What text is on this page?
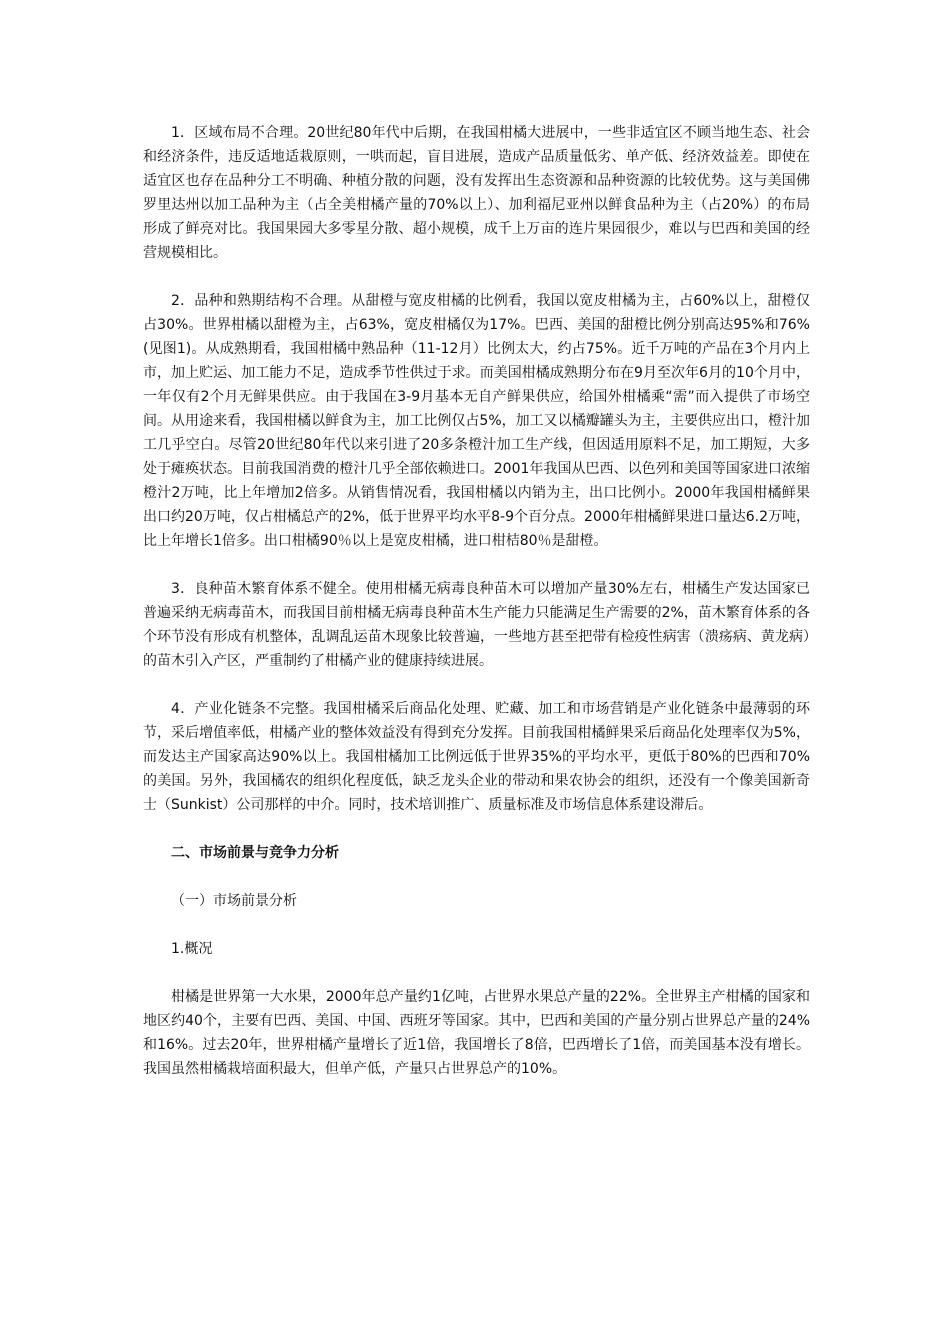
1．区域布局不合理。20世纪80年代中后期，在我国柑橘大进展中，一些非适宜区不顾当地生态、社会和经济条件，违反适地适栽原则，一哄而起，盲目进展，造成产品质量低劣、单产低、经济效益差。即使在适宜区也存在品种分工不明确、种植分散的问题，没有发挥出生态资源和品种资源的比较优势。这与美国佛罗里达州以加工品种为主（占全美柑橘产量的70%以上）、加利福尼亚州以鲜食品种为主（占20%）的布局形成了鲜亮对比。我国果园大多零星分散、超小规模，成千上万亩的连片果园很少，难以与巴西和美国的经营规模相比。

2．品种和熟期结构不合理。从甜橙与宽皮柑橘的比例看，我国以宽皮柑橘为主，占60%以上，甜橙仅占30%。世界柑橘以甜橙为主，占63%，宽皮柑橘仅为17%。巴西、美国的甜橙比例分别高达95%和76%(见图1)。从成熟期看，我国柑橘中熟品种（11-12月）比例太大，约占75%。近千万吨的产品在3个月内上市，加上贮运、加工能力不足，造成季节性供过于求。而美国柑橘成熟期分布在9月至次年6月的10个月中，一年仅有2个月无鲜果供应。由于我国在3-9月基本无自产鲜果供应，给国外柑橘乘“需”而入提供了市场空间。从用途来看，我国柑橘以鲜食为主，加工比例仅占5%，加工又以橘瓣罐头为主，主要供应出口，橙汁加工几乎空白。尽管20世纪80年代以来引进了20多条橙汁加工生产线，但因适用原料不足，加工期短，大多处于瘫痪状态。目前我国消费的橙汁几乎全部依赖进口。2001年我国从巴西、以色列和美国等国家进口浓缩橙汁2万吨，比上年增加2倍多。从销售情况看，我国柑橘以内销为主，出口比例小。2000年我国柑橘鲜果出口约20万吨，仅占柑橘总产的2%，低于世界平均水平8-9个百分点。2000年柑橘鲜果进口量达6.2万吨，比上年增长1倍多。出口柑橘90％以上是宽皮柑橘，进口柑桔80％是甜橙。

3．良种苗木繁育体系不健全。使用柑橘无病毒良种苗木可以增加产量30%左右，柑橘生产发达国家已普遍采纳无病毒苗木，而我国目前柑橘无病毒良种苗木生产能力只能满足生产需要的2%，苗木繁育体系的各个环节没有形成有机整体，乱调乱运苗木现象比较普遍，一些地方甚至把带有检疫性病害（溃疡病、黄龙病）的苗木引入产区，严重制约了柑橘产业的健康持续进展。

4．产业化链条不完整。我国柑橘采后商品化处理、贮藏、加工和市场营销是产业化链条中最薄弱的环节，采后增值率低，柑橘产业的整体效益没有得到充分发挥。目前我国柑橘鲜果采后商品化处理率仅为5%，而发达主产国家高达90%以上。我国柑橘加工比例远低于世界35%的平均水平，更低于80%的巴西和70%的美国。另外，我国橘农的组织化程度低，缺乏龙头企业的带动和果农协会的组织，还没有一个像美国新奇士（Sunkist）公司那样的中介。同时，技术培训推广、质量标准及市场信息体系建设滞后。

二、市场前景与竞争力分析

（一）市场前景分析

1.概况

柑橘是世界第一大水果，2000年总产量约1亿吨，占世界水果总产量的22%。全世界主产柑橘的国家和地区约40个，主要有巴西、美国、中国、西班牙等国家。其中，巴西和美国的产量分别占世界总产量的24%和16%。过去20年，世界柑橘产量增长了近1倍，我国增长了8倍，巴西增长了1倍，而美国基本没有增长。我国虽然柑橘栽培面积最大，但单产低，产量只占世界总产的10%。
